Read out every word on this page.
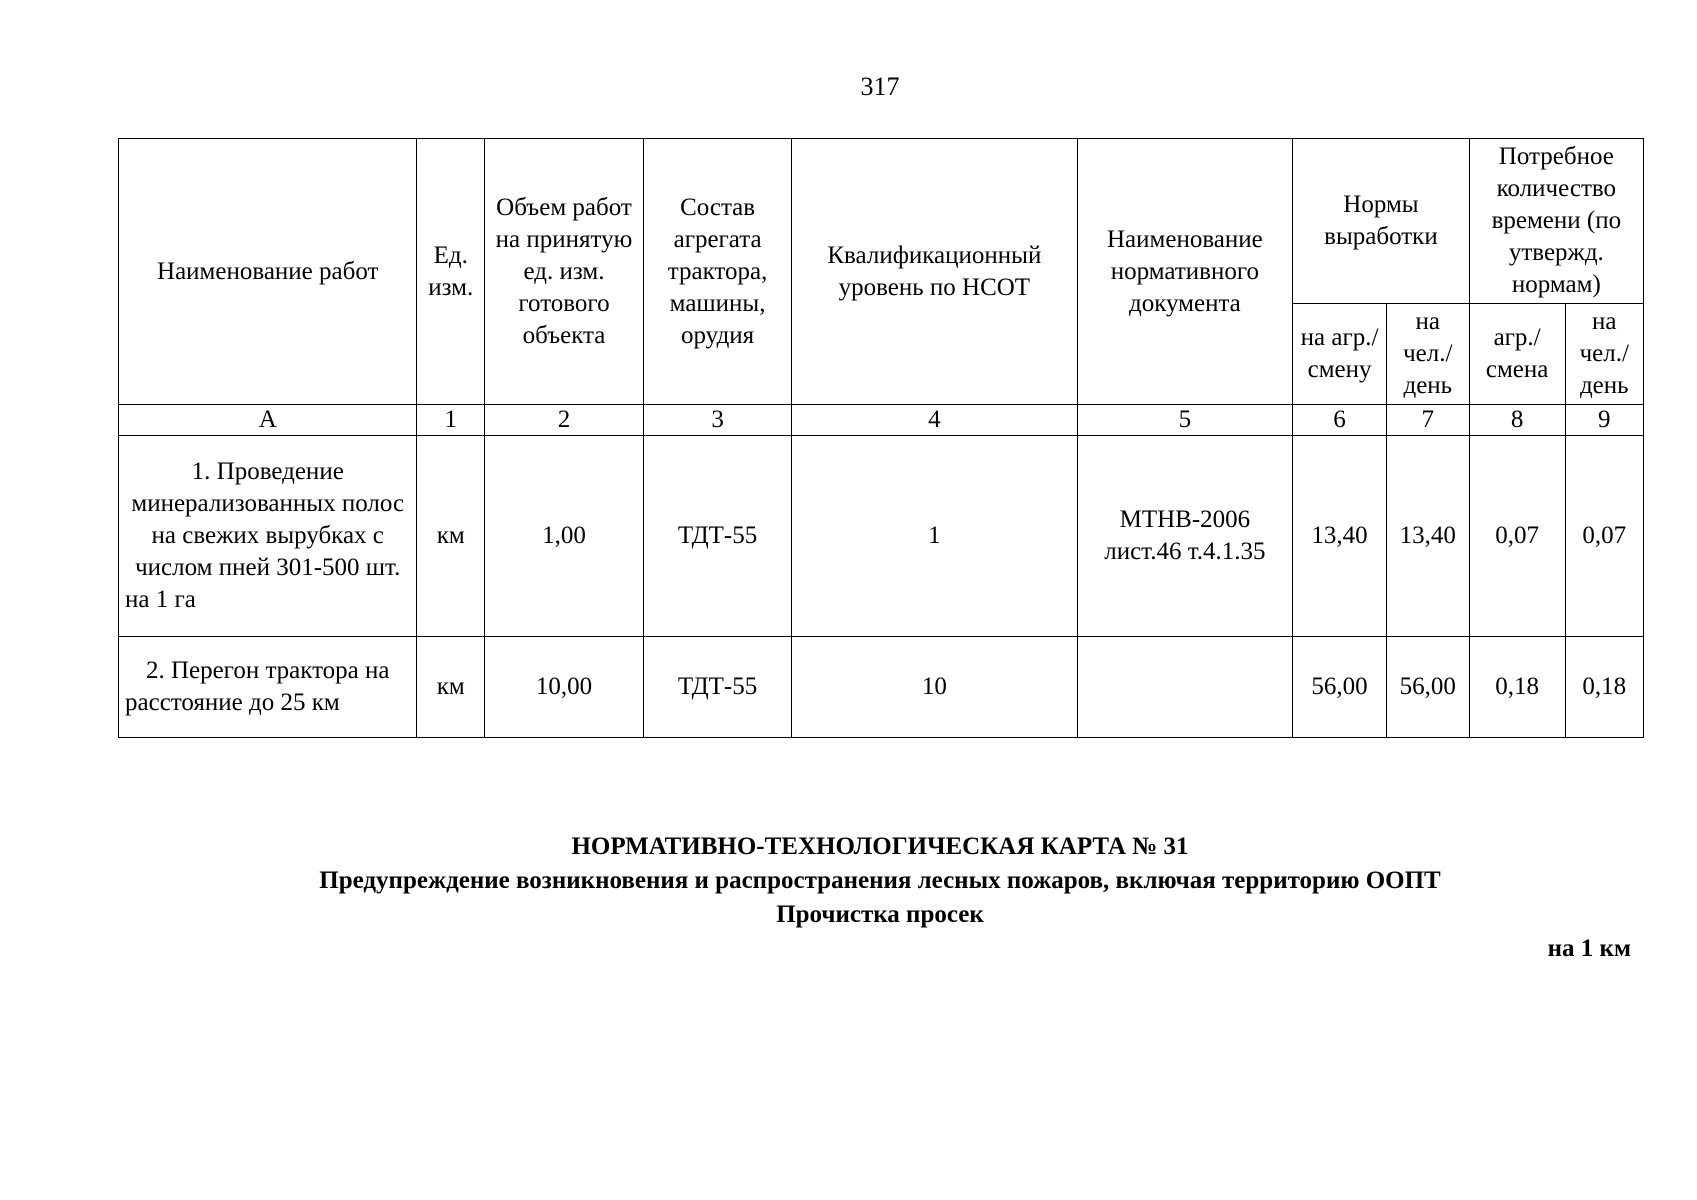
317
Наименование работ	Ед. изм.	Объем работ на принятую ед. изм. готового объекта	Состав агрегата трактора, машины, орудия	Квалификационный уровень по НСОТ	Наименование нормативного документа	Нормы выработки		Потребное количество времени (по утвержд. нормам)	
						на агр./ смену	на чел./ день	агр./ смена	на чел./ день
А	1	2	3	4	5	6	7	8	9
1. Проведение минерализованных полос на свежих вырубках с числом пней 301-500 шт. на 1 га	км	1,00	ТДТ-55	1	МТНВ-2006 лист.46 т.4.1.35	13,40	13,40	0,07	0,07
2. Перегон трактора на расстояние до 25 км	км	10,00	ТДТ-55	10		56,00	56,00	0,18	0,18
НОРМАТИВНО-ТЕХНОЛОГИЧЕСКАЯ КАРТА № 31
Предупреждение возникновения и распространения лесных пожаров, включая территорию ООПТ
Прочистка просек
на 1 км
